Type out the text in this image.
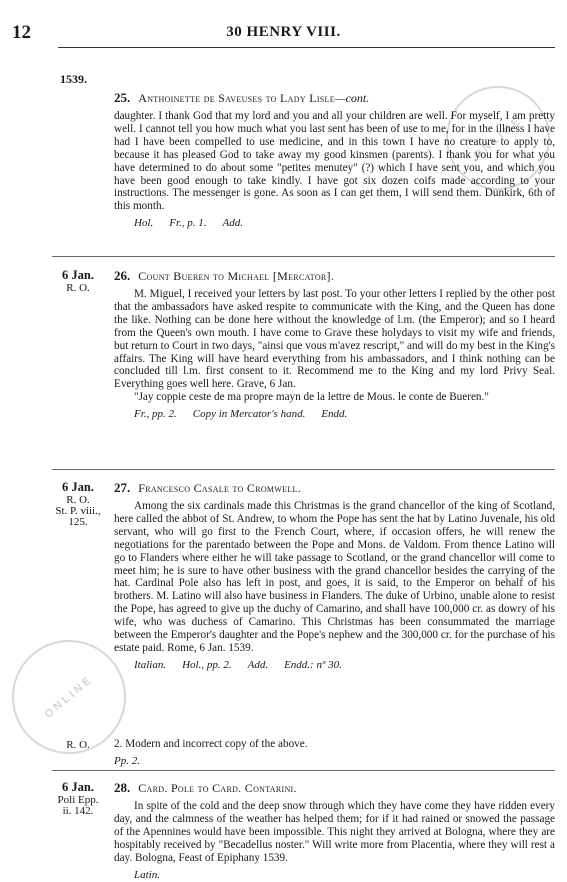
ONLINE
ONLINE
12	30 HENRY VIII.
1539.
25. Anthoinette de Saveuses to Lady Lisle—cont.

daughter. I thank God that my lord and you and all your children are well. For myself, I am pretty well. I cannot tell you how much what you last sent has been of use to me, for in the illness I have had I have been compelled to use medicine, and in this town I have no creature to apply to, because it has pleased God to take away my good kinsmen (parents). I thank you for what you have determined to do about some "petites menutey" (?) which I have sent you, and which you have been good enough to take kindly. I have got six dozen coifs made according to your instructions. The messenger is gone. As soon as I can get them, I will send them. Dunkirk, 6th of this month.

Hol. Fr., p. 1. Add.
6 Jan.
R. O.
26. Count Bueren to Michael [Mercator].

M. Miguel, I received your letters by last post. To your other letters I replied by the other post that the ambassadors have asked respite to communicate with the King, and the Queen has done the like. Nothing can be done here without the knowledge of l.m. (the Emperor); and so I heard from the Queen's own mouth. I have come to Grave these holydays to visit my wife and friends, but return to Court in two days, "ainsi que vous m'avez rescript," and will do my best in the King's affairs. The King will have heard everything from his ambassadors, and I think nothing can be concluded till l.m. first consent to it. Recommend me to the King and my lord Privy Seal. Everything goes well here. Grave, 6 Jan.

"Jay coppie ceste de ma propre mayn de la lettre de Mous. le conte de Bueren."

Fr., pp. 2. Copy in Mercator's hand. Endd.
6 Jan.
R. O.
St. P. viii.,
125.
27. Francesco Casale to Cromwell.

Among the six cardinals made this Christmas is the grand chancellor of the king of Scotland, here called the abbot of St. Andrew, to whom the Pope has sent the hat by Latino Juvenale, his old servant, who will go first to the French Court, where, if occasion offers, he will renew the negotiations for the parentado between the Pope and Mons. de Valdom. From thence Latino will go to Flanders where either he will take passage to Scotland, or the grand chancellor will come to meet him; he is sure to have other business with the grand chancellor besides the carrying of the hat. Cardinal Pole also has left in post, and goes, it is said, to the Emperor on behalf of his brothers. M. Latino will also have business in Flanders. The duke of Urbino, unable alone to resist the Pope, has agreed to give up the duchy of Camarino, and shall have 100,000 cr. as dowry of his wife, who was duchess of Camarino. This Christmas has been consummated the marriage between the Emperor's daughter and the Pope's nephew and the 300,000 cr. for the purchase of his estate paid. Rome, 6 Jan. 1539.

Italian. Hol., pp. 2. Add. Endd.: nº 30.
R. O.	2. Modern and incorrect copy of the above.

Pp. 2.
6 Jan.
Poli Epp.
ii. 142.
28. Card. Pole to Card. Contarini.

In spite of the cold and the deep snow through which they have come they have ridden every day, and the calmness of the weather has helped them; for if it had rained or snowed the passage of the Apennines would have been impossible. This night they arrived at Bologna, where they are hospitably received by "Becadellus noster." Will write more from Placentia, where they will rest a day. Bologna, Feast of Epiphany 1539.

Latin.
